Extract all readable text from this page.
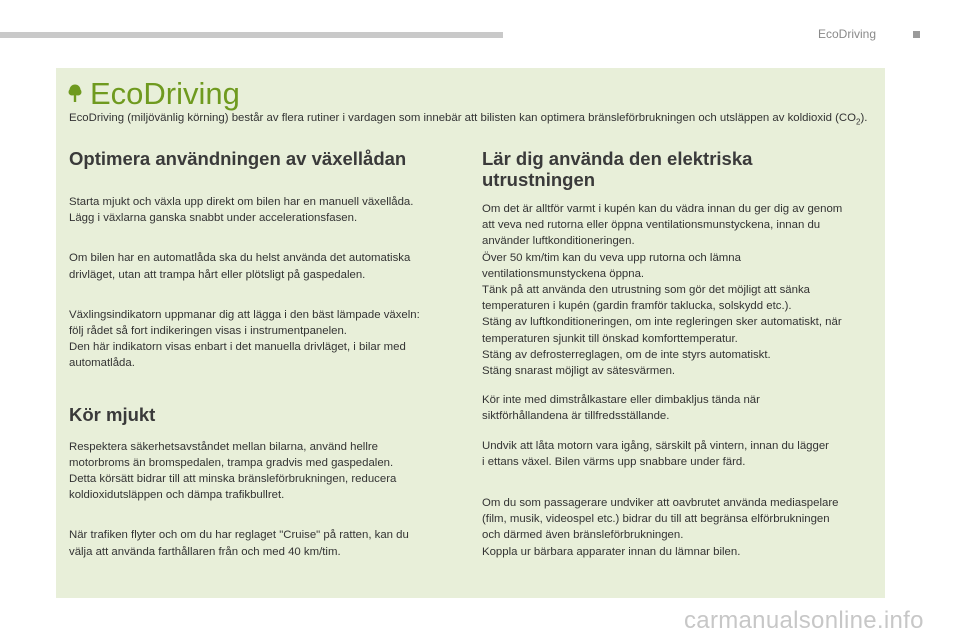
EcoDriving
EcoDriving

EcoDriving (miljövänlig körning) består av flera rutiner i vardagen som innebär att bilisten kan optimera bränsleförbrukningen och utsläppen av koldioxid $(CO_2)$.

Optimera användningen av växellådan

Starta mjukt och växla upp direkt om bilen har en manuell växellåda.
Lägg i växlarna ganska snabbt under accelerationsfasen.

Om bilen har en automatlåda ska du helst använda det automatiska
drivläget, utan att trampa hårt eller plötsligt på gaspedalen.

Växlingsindikatorn uppmanar dig att lägga i den bäst lämpade växeln:
följ rådet så fort indikeringen visas i instrumentpanelen.
Den här indikatorn visas enbart i det manuella drivläget, i bilar med
automatlåda.

Kör mjukt

Respektera säkerhetsavståndet mellan bilarna, använd hellre
motorbroms än bromspedalen, trampa gradvis med gaspedalen.
Detta körsätt bidrar till att minska bränsleförbrukningen, reducera
koldioxidutsläppen och dämpa trafikbullret.

När trafiken flyter och om du har reglaget "Cruise" på ratten, kan du
välja att använda farthållaren från och med 40 km/tim.

Lär dig använda den elektriska
utrustningen

Om det är alltför varmt i kupén kan du vädra innan du ger dig av genom
att veva ned rutorna eller öppna ventilationsmunstyckena, innan du
använder luftkonditioneringen.
Över 50 km/tim kan du veva upp rutorna och lämna
ventilationsmunstyckena öppna.
Tänk på att använda den utrustning som gör det möjligt att sänka
temperaturen i kupén (gardin framför taklucka, solskydd etc.).
Stäng av luftkonditioneringen, om inte regleringen sker automatiskt, när
temperaturen sjunkit till önskad komforttemperatur.
Stäng av defrosterreglagen, om de inte styrs automatiskt.
Stäng snarast möjligt av sätesvärmen.

Kör inte med dimstrålkastare eller dimbakljus tända när
siktförhållandena är tillfredsställande.

Undvik att låta motorn vara igång, särskilt på vintern, innan du lägger
i ettans växel. Bilen värms upp snabbare under färd.

Om du som passagerare undviker att oavbrutet använda mediaspelare
(film, musik, videospel etc.) bidrar du till att begränsa elförbrukningen
och därmed även bränsleförbrukningen.
Koppla ur bärbara apparater innan du lämnar bilen.

carmanualsonline.info
